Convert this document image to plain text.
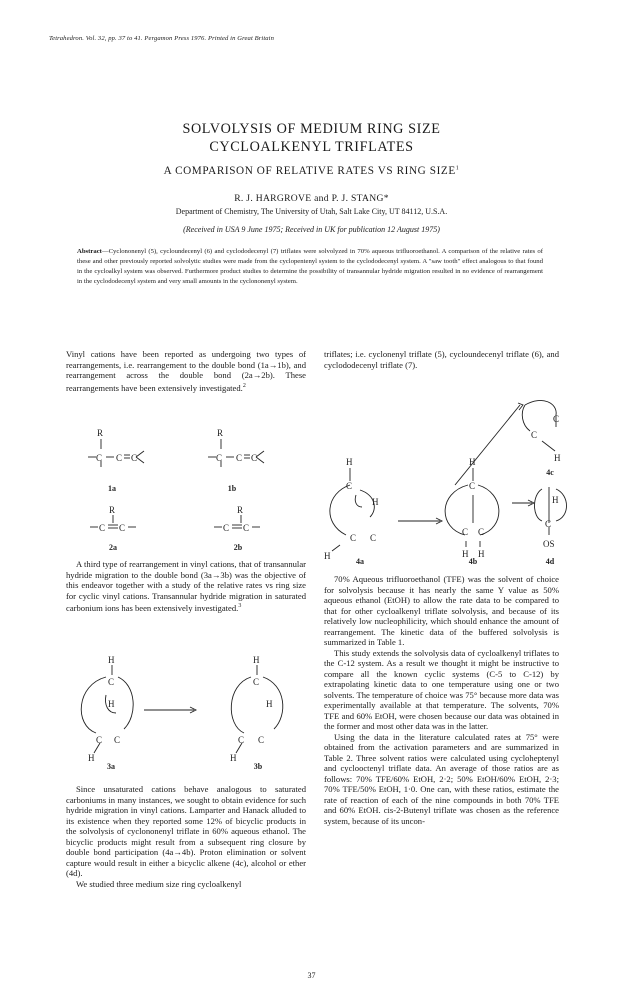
Tetrahedron. Vol. 32, pp. 37 to 41. Pergamon Press 1976. Printed in Great Britain
SOLVOLYSIS OF MEDIUM RING SIZE
CYCLOALKENYL TRIFLATES
A COMPARISON OF RELATIVE RATES VS RING SIZE$^1$
R. J. HARGROVE and P. J. STANG*
Department of Chemistry, The University of Utah, Salt Lake City, UT 84112, U.S.A.
(Received in USA 9 June 1975; Received in UK for publication 12 August 1975)
Abstract—Cyclononenyl (5), cycloundecenyl (6) and cyclododecenyl (7) triflates were solvolyzed in 70% aqueous trifluoroethanol. A comparison of the relative rates of these and other previously reported solvolytic studies were made from the cyclopentenyl system to the cyclododecenyl system. A "saw tooth" effect analogous to that found in the cycloalkyl system was observed. Furthermore product studies to determine the possibility of transannular hydride migration resulted in no evidence of rearrangement in the cyclododecenyl system and very small amounts in the cyclononenyl system.
Vinyl cations have been reported as undergoing two types of rearrangements, i.e. rearrangement to the double bond (1a→1b), and rearrangement across the double bond (2a→2b). These rearrangements have been extensively investigated.$^2$
R
C C C
R
C C C
R
C C
R
C C
1a	1b
2a	2b

A third type of rearrangement in vinyl cations, that of transannular hydride migration to the double bond (3a→3b) was the objective of this endeavor together with a study of the relative rates vs ring size for cyclic vinyl cations. Transannular hydride migration in saturated carbonium ions has been extensively investigated.$^3$

H
C
H
C C
H
H
C
H
C C
H
3a	3b

Since unsaturated cations behave analogous to saturated carboniums in many instances, we sought to obtain evidence for such hydride migration in vinyl cations. Lamparter and Hanack alluded to its existence when they reported some 12% of bicyclic products in the solvolysis of cyclononenyl triflate in 60% aqueous ethanol. The bicyclic products might result from a subsequent ring closure by double bond participation (4a→4b). Proton elimination or solvent capture would result in either a bicyclic alkene (4c), alcohol or ether (4d).

We studied three medium size ring cycloalkenyl

triflates; i.e. cyclonenyl triflate (5), cycloundecenyl triflate (6), and cyclododecenyl triflate (7).
C
C
H
H
C
H
C C
H
H
C
C C
H H
H
C
OS
4c
4a	4b	4d

70% Aqueous trifluoroethanol (TFE) was the solvent of choice for solvolysis because it has nearly the same Y value as 50% aqueous ethanol (EtOH) to allow the rate data to be compared to that for other cycloalkenyl triflate solvolysis, and because of its relatively low nucleophilicity, which should enhance the amount of rearrangement. The kinetic data of the buffered solvolysis is summarized in Table 1.

This study extends the solvolysis data of cycloalkenyl triflates to the C-12 system. As a result we thought it might be instructive to compare all the known cyclic systems (C-5 to C-12) by extrapolating kinetic data to one temperature using one or two solvents. The temperature of choice was 75° because more data was experimentally available at that temperature. The solvents, 70% TFE and 60% EtOH, were chosen because our data was obtained in the former and most other data was in the latter.

Using the data in the literature calculated rates at 75° were obtained from the activation parameters and are summarized in Table 2. Three solvent ratios were calculated using cycloheptenyl and cyclooctenyl triflate data. An average of those ratios are as follows: 70% TFE/60% EtOH, 2·2; 50% EtOH/60% EtOH, 2·3; 70% TFE/50% EtOH, 1·0. One can, with these ratios, estimate the rate of reaction of each of the nine compounds in both 70% TFE and 60% EtOH. cis-2-Butenyl triflate was chosen as the reference system, because of its uncon-

37
